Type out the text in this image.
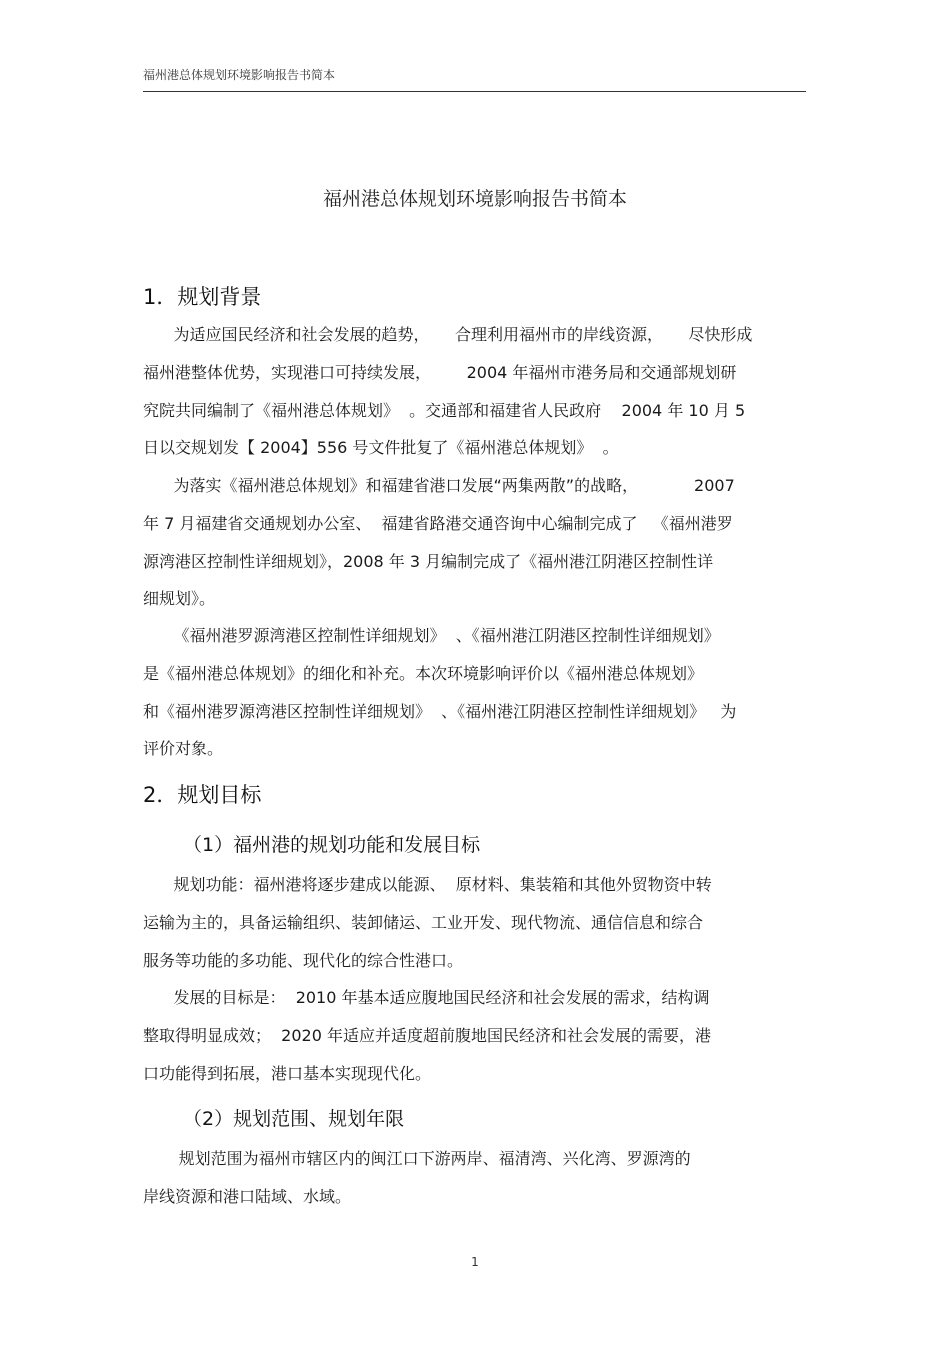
福州港总体规划环境影响报告书简本
福州港总体规划环境影响报告书简本
1．规划背景
为适应国民经济和社会发展的趋势，     合理利用福州市的岸线资源，     尽快形成
福州港整体优势，实现港口可持续发展，       2004 年福州市港务局和交通部规划研
究院共同编制了《福州港总体规划》  。交通部和福建省人民政府    2004 年 10 月 5
日以交规划发【 2004】556 号文件批复了《福州港总体规划》  。
为落实《福州港总体规划》和福建省港口发展“两集两散”的战略，           2007
年 7 月福建省交通规划办公室、  福建省路港交通咨询中心编制完成了   《福州港罗
源湾港区控制性详细规划》，2008 年 3 月编制完成了《福州港江阴港区控制性详
细规划》。
《福州港罗源湾港区控制性详细规划》  、《福州港江阴港区控制性详细规划》
是《福州港总体规划》的细化和补充。本次环境影响评价以《福州港总体规划》
和《福州港罗源湾港区控制性详细规划》  、《福州港江阴港区控制性详细规划》   为
评价对象。
2．规划目标
（1）福州港的规划功能和发展目标
规划功能：福州港将逐步建成以能源、  原材料、集装箱和其他外贸物资中转
运输为主的，具备运输组织、装卸储运、工业开发、现代物流、通信信息和综合
服务等功能的多功能、现代化的综合性港口。
发展的目标是：  2010 年基本适应腹地国民经济和社会发展的需求，结构调
整取得明显成效；  2020 年适应并适度超前腹地国民经济和社会发展的需要，港
口功能得到拓展，港口基本实现现代化。
（2）规划范围、规划年限
规划范围为福州市辖区内的闽江口下游两岸、福清湾、兴化湾、罗源湾的
岸线资源和港口陆域、水域。
1
